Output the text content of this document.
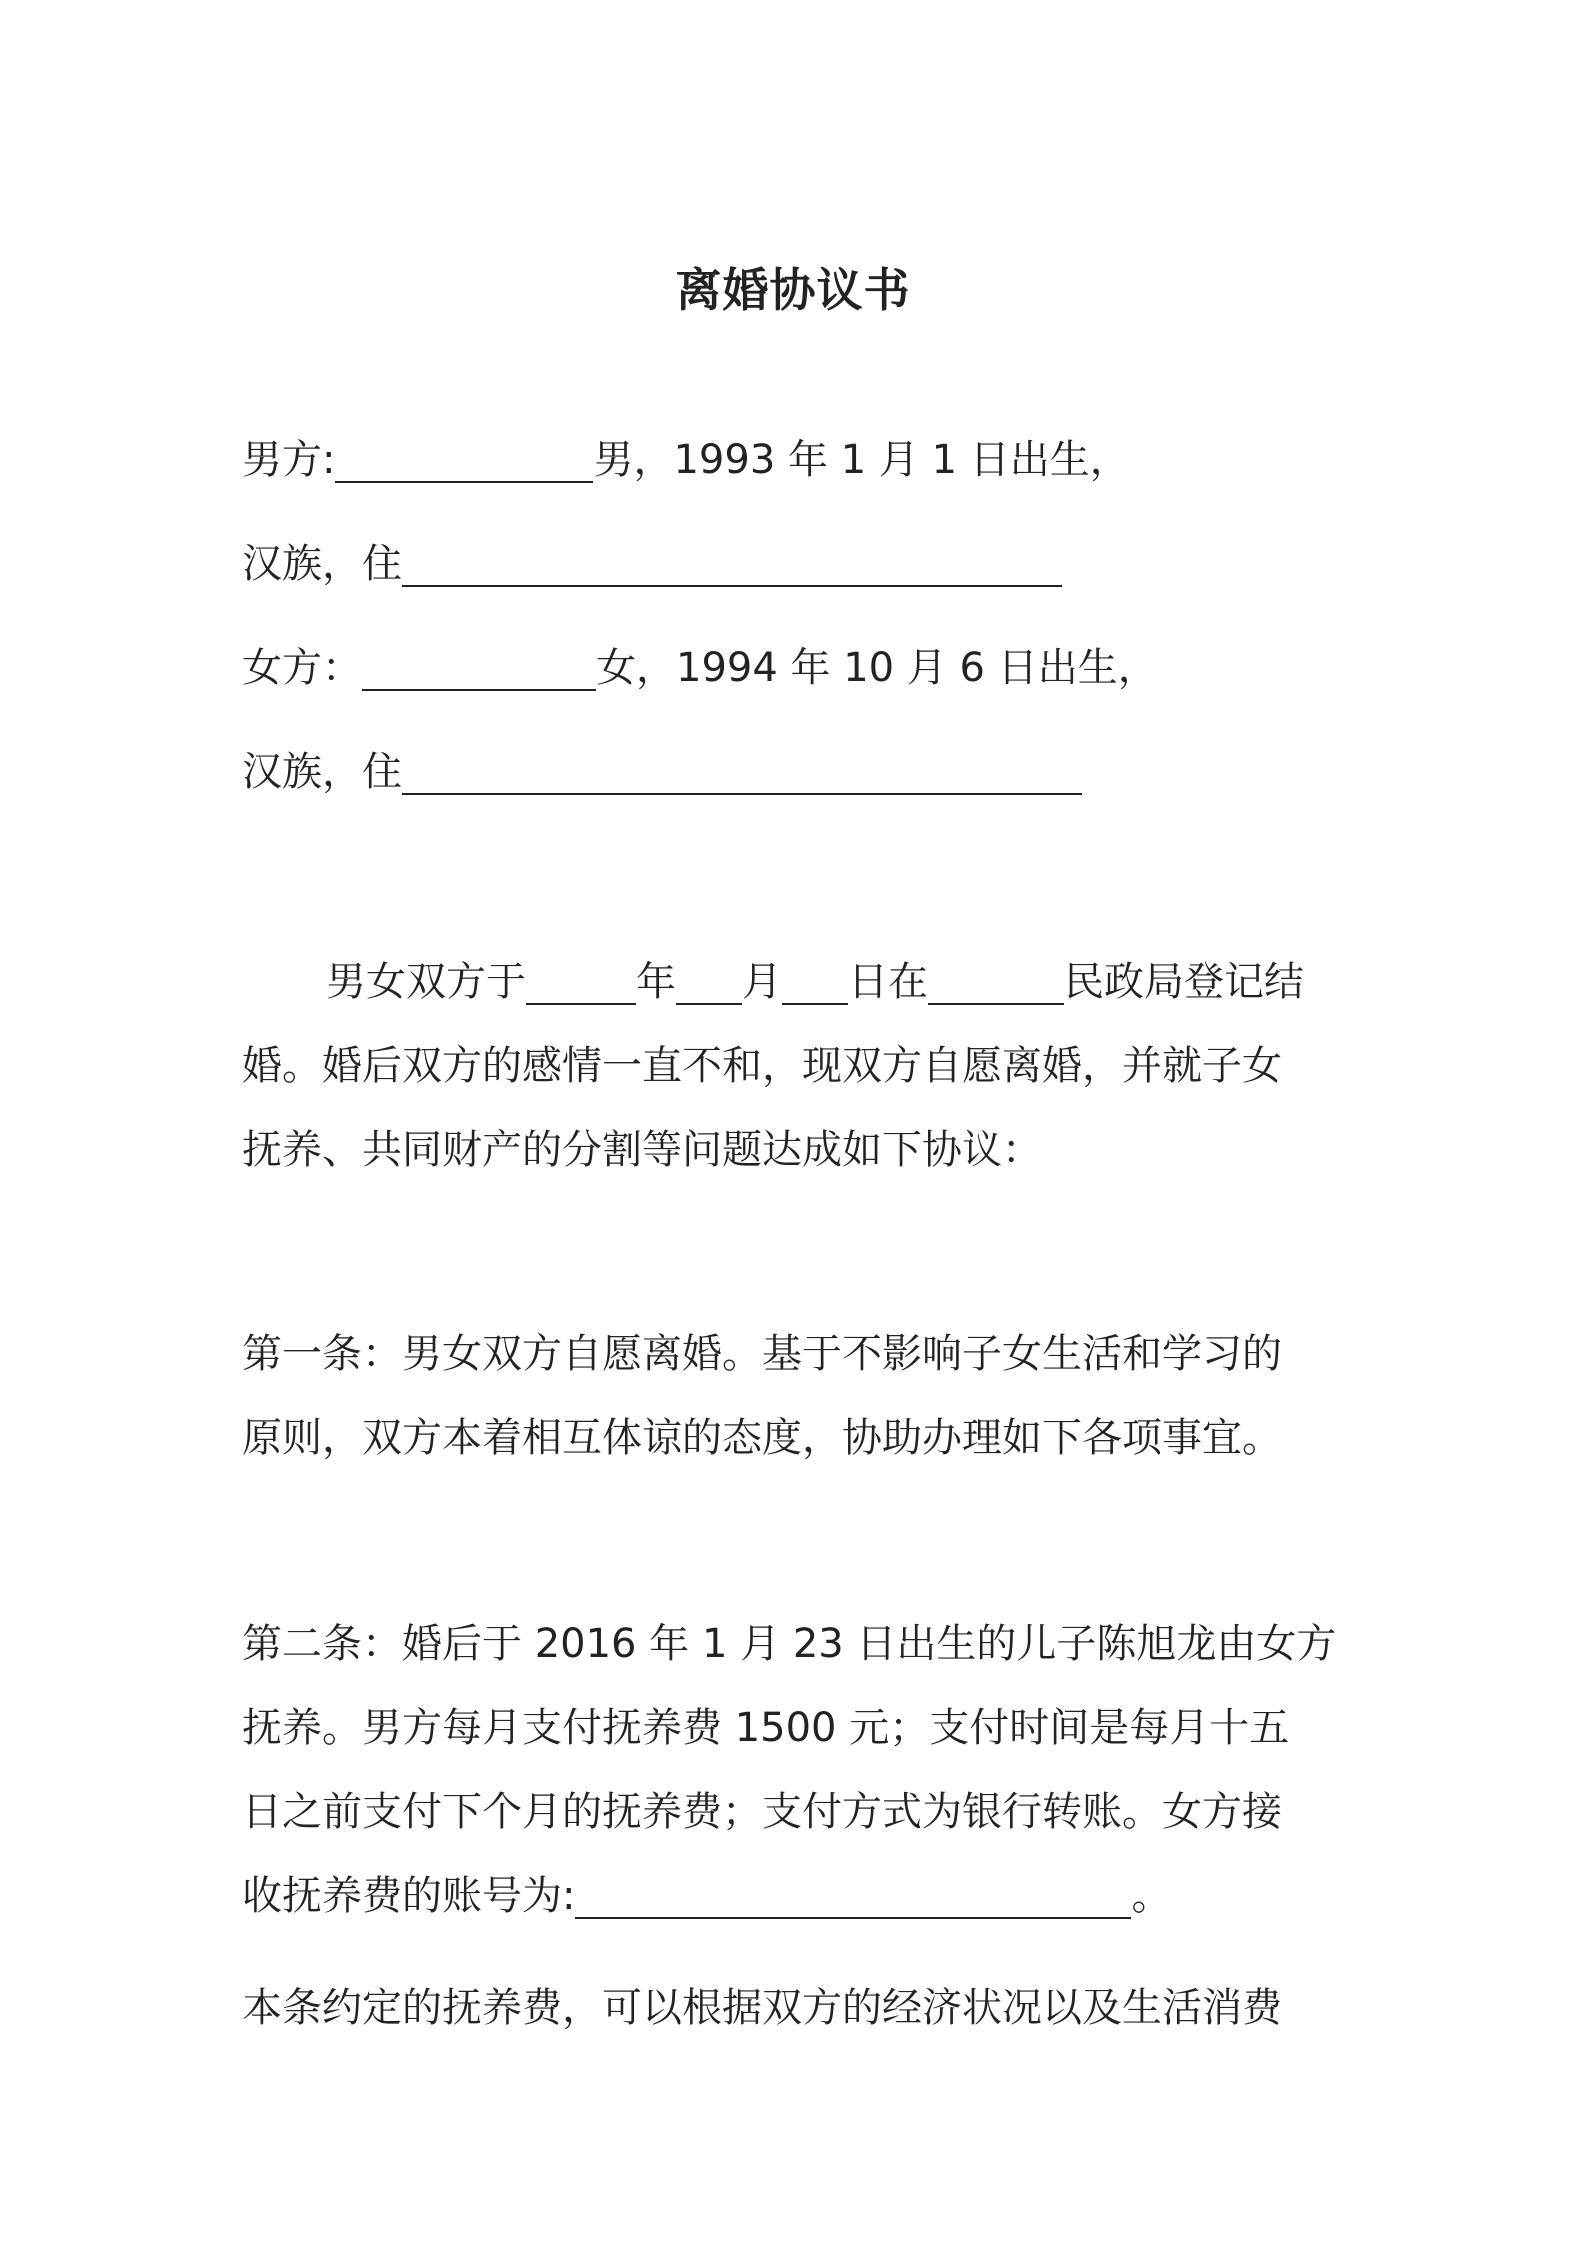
离婚协议书
男方:	男，1993 年 1 月 1 日出生，
汉族，住
女方：	女，1994 年 10 月 6 日出生，
汉族，住
男女双方于	年 月 日在	民政局登记结
婚。婚后双方的感情一直不和，现双方自愿离婚，并就子女
抚养、共同财产的分割等问题达成如下协议：
第一条：男女双方自愿离婚。基于不影响子女生活和学习的
原则，双方本着相互体谅的态度，协助办理如下各项事宜。
第二条：婚后于 2016 年 1 月 23 日出生的儿子陈旭龙由女方
抚养。男方每月支付抚养费 1500 元；支付时间是每月十五
日之前支付下个月的抚养费；支付方式为银行转账。女方接
收抚养费的账号为:	。
本条约定的抚养费，可以根据双方的经济状况以及生活消费
